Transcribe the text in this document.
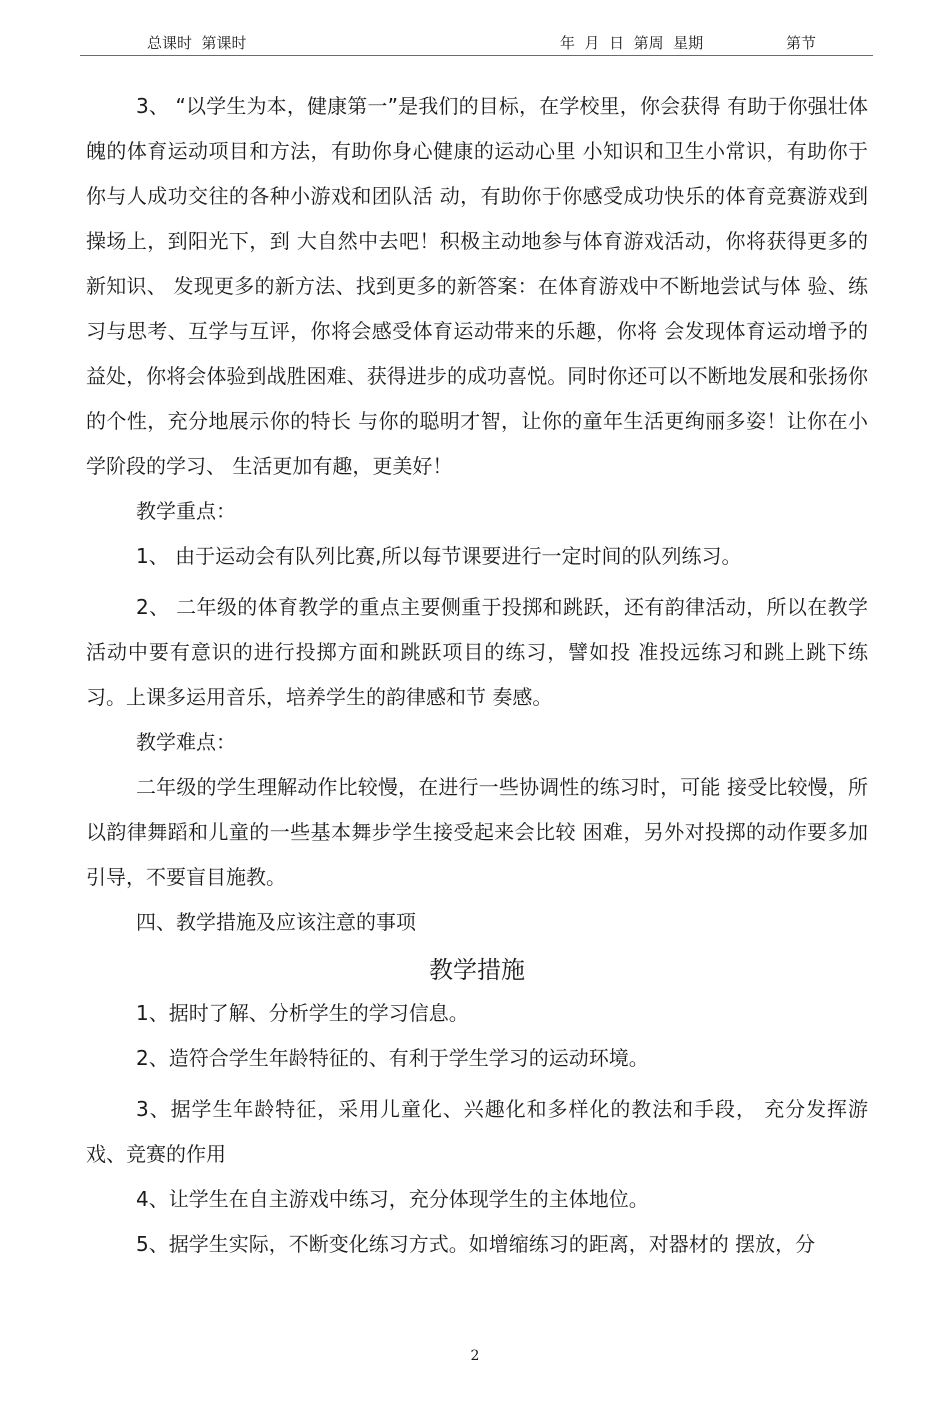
总课时  第课时	年  月  日  第周  星期	第节

3、 “以学生为本，健康第一”是我们的目标，在学校里，你会获得 有助于你强壮体魄的体育运动项目和方法，有助你身心健康的运动心里 小知识和卫生小常识，有助你于你与人成功交往的各种小游戏和团队活 动，有助你于你感受成功快乐的体育竞赛游戏到操场上，到阳光下，到 大自然中去吧！积极主动地参与体育游戏活动，你将获得更多的新知识、 发现更多的新方法、找到更多的新答案：在体育游戏中不断地尝试与体 验、练习与思考、互学与互评，你将会感受体育运动带来的乐趣，你将 会发现体育运动增予的益处，你将会体验到战胜困难、获得进步的成功喜悦。同时你还可以不断地发展和张扬你的个性，充分地展示你的特长 与你的聪明才智，让你的童年生活更绚丽多姿！让你在小学阶段的学习、 生活更加有趣，更美好！

教学重点：

1、 由于运动会有队列比赛,所以每节课要进行一定时间的队列练习。

2、 二年级的体育教学的重点主要侧重于投掷和跳跃，还有韵律活动，所以在教学活动中要有意识的进行投掷方面和跳跃项目的练习，譬如投 准投远练习和跳上跳下练习。上课多运用音乐，培养学生的韵律感和节 奏感。

教学难点：

二年级的学生理解动作比较慢，在进行一些协调性的练习时，可能 接受比较慢，所以韵律舞蹈和儿童的一些基本舞步学生接受起来会比较 困难，另外对投掷的动作要多加引导，不要盲目施教。

四、教学措施及应该注意的事项

教学措施

1、据时了解、分析学生的学习信息。

2、造符合学生年龄特征的、有利于学生学习的运动环境。

3、据学生年龄特征，采用儿童化、兴趣化和多样化的教法和手段， 充分发挥游戏、竞赛的作用

4、让学生在自主游戏中练习，充分体现学生的主体地位。

5、据学生实际，不断变化练习方式。如增缩练习的距离，对器材的 摆放，分

2
